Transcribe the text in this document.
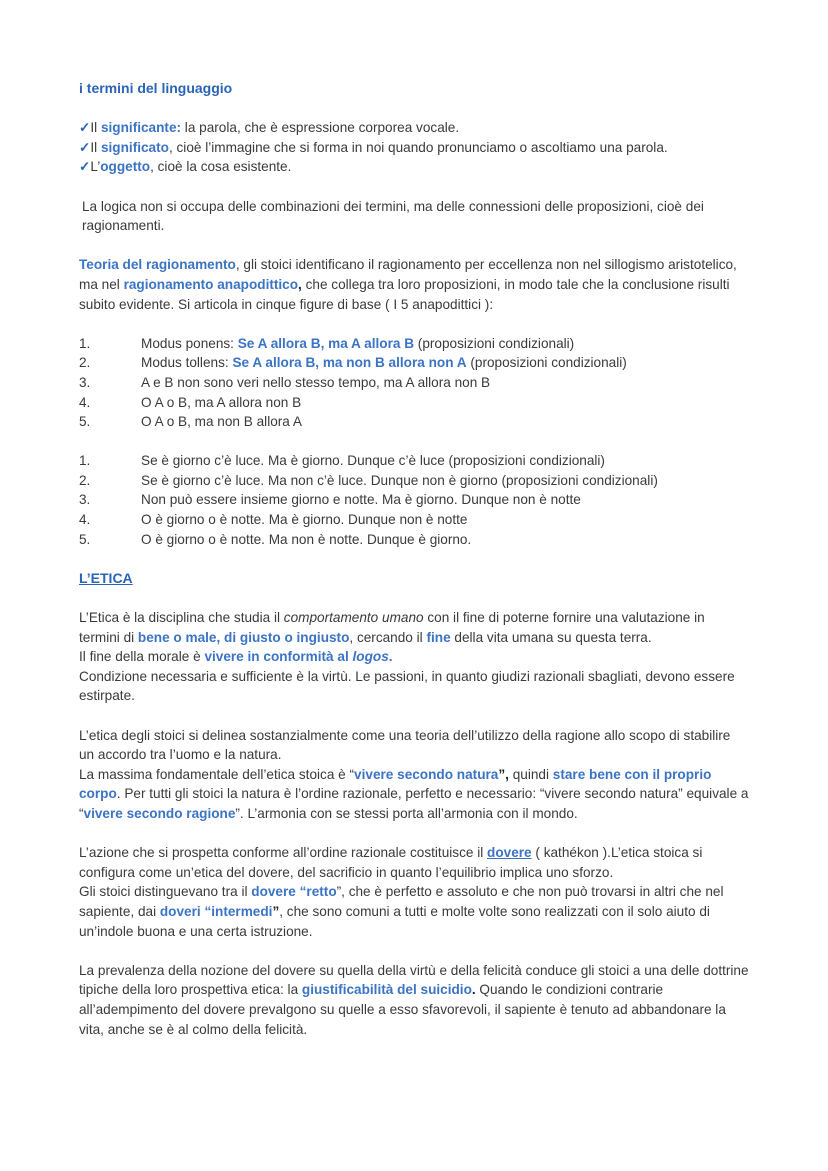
i termini del linguaggio

✓Il significante: la parola, che è espressione corporea vocale.

✓Il significato, cioè l’immagine che si forma in noi quando pronunciamo o ascoltiamo una parola.

✓L’oggetto, cioè la cosa esistente.

La logica non si occupa delle combinazioni dei termini, ma delle connessioni delle proposizioni, cioè dei ragionamenti.

Teoria del ragionamento, gli stoici identificano il ragionamento per eccellenza non nel sillogismo aristotelico, ma nel ragionamento anapodittico, che collega tra loro proposizioni, in modo tale che la conclusione risulti subito evidente. Si articola in cinque figure di base ( I 5 anapodittici ):

1.	Modus ponens: Se A allora B, ma A allora B (proposizioni condizionali)
2.	Modus tollens: Se A allora B, ma non B allora non A (proposizioni condizionali)
3.	A e B non sono veri nello stesso tempo, ma A allora non B
4.	O A o B, ma A allora non B
5.	O A o B, ma non B allora A
1.	Se è giorno c’è luce. Ma è giorno. Dunque c’è luce (proposizioni condizionali)
2.	Se è giorno c’è luce. Ma non c’è luce. Dunque non è giorno (proposizioni condizionali)
3.	Non può essere insieme giorno e notte. Ma è giorno. Dunque non è notte
4.	O è giorno o è notte. Ma è giorno. Dunque non è notte
5.	O è giorno o è notte. Ma non è notte. Dunque è giorno.

L’ETICA

L’Etica è la disciplina che studia il comportamento umano con il fine di poterne fornire una valutazione in termini di bene o male, di giusto o ingiusto, cercando il fine della vita umana su questa terra.

Il fine della morale è vivere in conformità al logos.

Condizione necessaria e sufficiente è la virtù. Le passioni, in quanto giudizi razionali sbagliati, devono essere estirpate.

L’etica degli stoici si delinea sostanzialmente come una teoria dell’utilizzo della ragione allo scopo di stabilire un accordo tra l’uomo e la natura.

La massima fondamentale dell’etica stoica è “vivere secondo natura”, quindi stare bene con il proprio corpo. Per tutti gli stoici la natura è l’ordine razionale, perfetto e necessario: “vivere secondo natura” equivale a “vivere secondo ragione”. L’armonia con se stessi porta all’armonia con il mondo.

L’azione che si prospetta conforme all’ordine razionale costituisce il dovere ( kathékon ).L’etica stoica si configura come un’etica del dovere, del sacrificio in quanto l’equilibrio implica uno sforzo.

Gli stoici distinguevano tra il dovere “retto”, che è perfetto e assoluto e che non può trovarsi in altri che nel sapiente, dai doveri “intermedi”, che sono comuni a tutti e molte volte sono realizzati con il solo aiuto di un’indole buona e una certa istruzione.

La prevalenza della nozione del dovere su quella della virtù e della felicità conduce gli stoici a una delle dottrine tipiche della loro prospettiva etica: la giustificabilità del suicidio. Quando le condizioni contrarie all’adempimento del dovere prevalgono su quelle a esso sfavorevoli, il sapiente è tenuto ad abbandonare la vita, anche se è al colmo della felicità.
